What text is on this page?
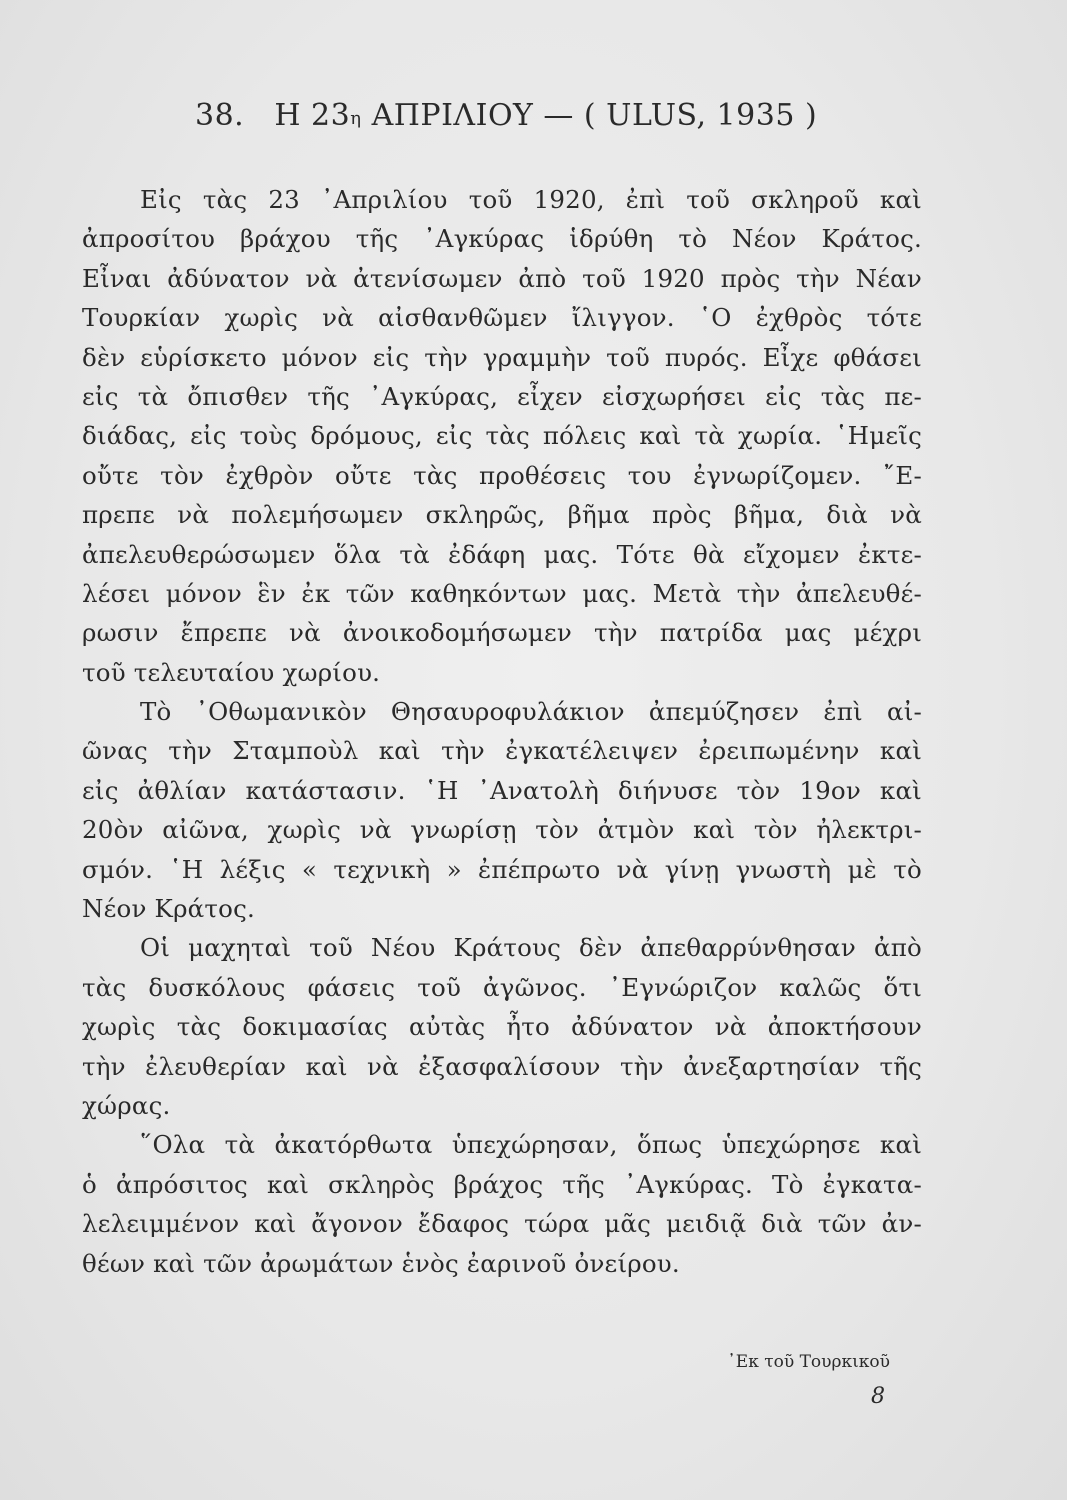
38. Η $23^\eta$ ΑΠΡΙΛΙΟΥ — ( ULUS, 1935 )
Εἰς τὰς 23 ᾿Απριλίου τοῦ 1920, ἐπὶ τοῦ σκληροῦ καὶ
ἀπροσίτου βράχου τῆς ᾿Αγκύρας ἱδρύθη τὸ Νέον Κράτος.
Εἶναι ἀδύνατον νὰ ἀτενίσωμεν ἀπὸ τοῦ 1920 πρὸς τὴν Νέαν
Τουρκίαν χωρὶς νὰ αἰσθανθῶμεν ἴλιγγον. ῾Ο ἐχθρὸς τότε
δὲν εὑρίσκετο μόνον εἰς τὴν γραμμὴν τοῦ πυρός. Εἶχε φθάσει
εἰς τὰ ὄπισθεν τῆς ᾿Αγκύρας, εἶχεν εἰσχωρήσει εἰς τὰς πε-
διάδας, εἰς τοὺς δρόμους, εἰς τὰς πόλεις καὶ τὰ χωρία. ῾Ημεῖς
οὔτε τὸν ἐχθρὸν οὔτε τὰς προθέσεις του ἐγνωρίζομεν. ῎Ε-
πρεπε νὰ πολεμήσωμεν σκληρῶς, βῆμα πρὸς βῆμα, διὰ νὰ
ἀπελευθερώσωμεν ὅλα τὰ ἐδάφη μας. Τότε θὰ εἴχομεν ἐκτε-
λέσει μόνον ἓν ἐκ τῶν καθηκόντων μας. Μετὰ τὴν ἀπελευθέ-
ρωσιν ἔπρεπε νὰ ἀνοικοδομήσωμεν τὴν πατρίδα μας μέχρι
τοῦ τελευταίου χωρίου.
Τὸ ᾿Οθωμανικὸν Θησαυροφυλάκιον ἀπεμύζησεν ἐπὶ αἰ-
ῶνας τὴν Σταμποὺλ καὶ τὴν ἐγκατέλειψεν ἐρειπωμένην καὶ
εἰς ἀθλίαν κατάστασιν. ῾Η ᾿Ανατολὴ διήνυσε τὸν 19ον καὶ
20ὸν αἰῶνα, χωρὶς νὰ γνωρίσῃ τὸν ἀτμὸν καὶ τὸν ἠλεκτρι-
σμόν. ῾Η λέξις « τεχνικὴ » ἐπέπρωτο νὰ γίνῃ γνωστὴ μὲ τὸ
Νέον Κράτος.
Οἱ μαχηταὶ τοῦ Νέου Κράτους δὲν ἀπεθαρρύνθησαν ἀπὸ
τὰς δυσκόλους φάσεις τοῦ ἀγῶνος. ᾿Εγνώριζον καλῶς ὅτι
χωρὶς τὰς δοκιμασίας αὐτὰς ἦτο ἀδύνατον νὰ ἀποκτήσουν
τὴν ἐλευθερίαν καὶ νὰ ἐξασφαλίσουν τὴν ἀνεξαρτησίαν τῆς
χώρας.
῞Ολα τὰ ἀκατόρθωτα ὑπεχώρησαν, ὅπως ὑπεχώρησε καὶ
ὁ ἀπρόσιτος καὶ σκληρὸς βράχος τῆς ᾿Αγκύρας. Τὸ ἐγκατα-
λελειμμένον καὶ ἄγονον ἔδαφος τώρα μᾶς μειδιᾷ διὰ τῶν ἀν-
θέων καὶ τῶν ἀρωμάτων ἑνὸς ἐαρινοῦ ὀνείρου.
᾿Εκ τοῦ Τουρκικοῦ
8
